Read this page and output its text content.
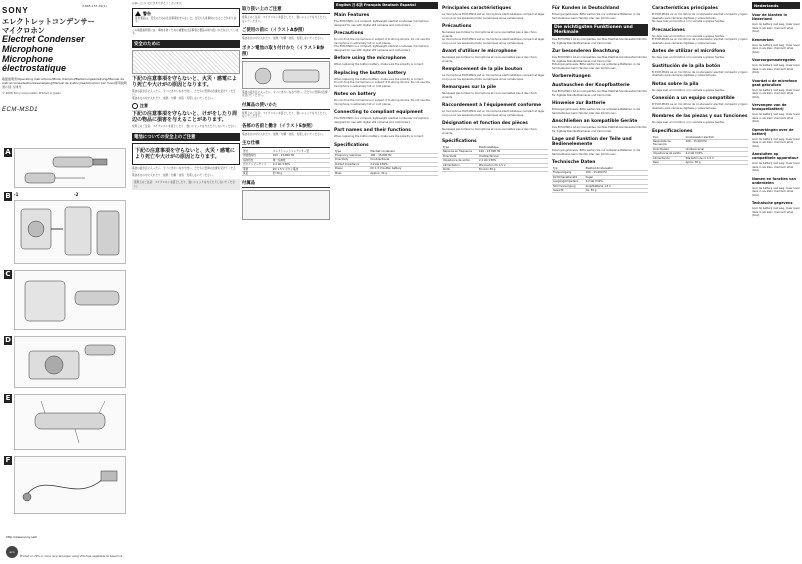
3-865-157-01(1)
SONY
エレクトレットコンデンサー
マイクロホン
Electret Condenser
Microphone
Microphone
électrostatique
取扱説明書/Operating Instructions/Mode d'emploi/Bedienungsanleitung/Manual de instrucciones/Gebruiksaanwijzing/Manual de instruções/Istruzioni per l'uso/使用說明書/사용 설명서
© 2006 Sony Corporation Printed in Japan
ECM-MSD1
A
B -1	-2
C
D
E
F
http://www.sony.net/
eco
Printed on 70% or more recycled paper using VOC-free vegetable oil based ink.
お買い上げいただきありがとうございます。
警告
電気製品は、安全のための注意事項を守らないと、火災や人身事故になることがあります。
この取扱説明書には、事故を防ぐための重要な注意事項と製品の取り扱いかたを示しています。
安全のために
下記の注意事項を守らないと、火災・感電により死亡や大けがの原因となります。
電池の液が目に入ったら、すぐにきれいな水で洗い、ただちに医師の治療を受けてください。
電池を火の中に入れたり、加熱・分解・改造・充電しないでください。
注意
下記の注意事項を守らないと、けがをしたり周辺の物品に損害を与えることがあります。
使用上のご注意：マイクロホンを落としたり、強いショックを与えたりしないでください。
電池についての安全上のご注意
下記の注意事項を守らないと、火災・感電により死亡や大けがの原因となります。
電池の液が目に入ったら、すぐにきれいな水で洗い、ただちに医師の治療を受けてください。
電池を火の中に入れたり、加熱・分解・改造・充電しないでください。
使用上のご注意：マイクロホンを落としたり、強いショックを与えたりしないでください。
取り扱い上のご注意
使用上のご注意：マイクロホンを落としたり、強いショックを与えたりしないでください。
ご使用の前に（イラストA参照）
電池を火の中に入れたり、加熱・分解・改造・充電しないでください。
ボタン電池の取り付けかた（イラストB参照）
電池の液が目に入ったら、すぐにきれいな水で洗い、ただちに医師の治療を受けてください。
付属品の使いかた
使用上のご注意：マイクロホンを落としたり、強いショックを与えたりしないでください。
各部の名前と働き（イラストE参照）
電池を火の中に入れたり、加熱・分解・改造・充電しないでください。
主な仕様
形式	エレクトレットコンデンサー型
周波数特性	100 – 15,000 Hz
指向特性	単一指向性
出力インピーダンス	2.2 kΩ ±30%
電源	DC 1.5 V ボタン電池
質量	約 30 g
付属品
English 日本語 Français Deutsch Español
Main Features
The ECM-MSD1 is a compact, lightweight electret condenser microphone designed for use with digital still cameras and camcorders.
Precautions
Do not drop the microphone or subject it to strong shocks. Do not use the microphone in extremely hot or cold places.
The ECM-MSD1 is a compact, lightweight electret condenser microphone designed for use with digital still cameras and camcorders.
Before using the microphone
When replacing the button battery, make sure the polarity is correct.
Replacing the button battery
When replacing the button battery, make sure the polarity is correct.
Do not drop the microphone or subject it to strong shocks. Do not use the microphone in extremely hot or cold places.
Notes on battery
Do not drop the microphone or subject it to strong shocks. Do not use the microphone in extremely hot or cold places.
Connecting to compliant equipment
The ECM-MSD1 is a compact, lightweight electret condenser microphone designed for use with digital still cameras and camcorders.
Part names and their functions
When replacing the button battery, make sure the polarity is correct.
Specifications
Type	Electret condenser
Frequency response	100 – 15,000 Hz
Directivity	Uni-directional
Output impedance	2.2 kΩ ±30%
Power	DC 1.5 V button battery
Mass	Approx. 30 g
Principales caractéristiques
Le microphone ECM-MSD1 est un microphone électrostatique compact et léger conçu pour les appareils photo numériques et les caméscopes.
Précautions
Ne laissez pas tomber le microphone et ne le soumettez pas à des chocs violents.
Le microphone ECM-MSD1 est un microphone électrostatique compact et léger conçu pour les appareils photo numériques et les caméscopes.
Avant d'utiliser le microphone
Ne laissez pas tomber le microphone et ne le soumettez pas à des chocs violents.
Remplacement de la pile bouton
Le microphone ECM-MSD1 est un microphone électrostatique compact et léger conçu pour les appareils photo numériques et les caméscopes.
Remarques sur la pile
Ne laissez pas tomber le microphone et ne le soumettez pas à des chocs violents.
Raccordement à l'équipement conforme
Le microphone ECM-MSD1 est un microphone électrostatique compact et léger conçu pour les appareils photo numériques et les caméscopes.
Désignation et fonction des pièces
Ne laissez pas tomber le microphone et ne le soumettez pas à des chocs violents.
Spécifications
Type	Électrostatique
Réponse en fréquence	100 – 15 000 Hz
Directivité	Unidirectionnel
Impédance de sortie	2,2 kΩ ±30%
Alimentation	Pile bouton CC 1,5 V
Poids	Environ 30 g
Für Kunden in Deutschland
Entsorgungshinweis: Bitte werfen Sie nur entladene Batterien in die Sammelboxen beim Handel oder den Kommunen.
Die wichtigsten Funktionen und Merkmale
Das ECM-MSD1 ist ein kompaktes, leichtes Elektret-Kondensatormikrofon für digitale Standbildkameras und Camcorder.
Zur besonderen Beachtung
Das ECM-MSD1 ist ein kompaktes, leichtes Elektret-Kondensatormikrofon für digitale Standbildkameras und Camcorder.
Entsorgungshinweis: Bitte werfen Sie nur entladene Batterien in die Sammelboxen beim Handel oder den Kommunen.
Vorbereitungen
Austauschen der Knopfbatterie
Das ECM-MSD1 ist ein kompaktes, leichtes Elektret-Kondensatormikrofon für digitale Standbildkameras und Camcorder.
Hinweise zur Batterie
Entsorgungshinweis: Bitte werfen Sie nur entladene Batterien in die Sammelboxen beim Handel oder den Kommunen.
Anschließen an kompatible Geräte
Das ECM-MSD1 ist ein kompaktes, leichtes Elektret-Kondensatormikrofon für digitale Standbildkameras und Camcorder.
Lage und Funktion der Teile und Bedienelemente
Entsorgungshinweis: Bitte werfen Sie nur entladene Batterien in die Sammelboxen beim Handel oder den Kommunen.
Technische Daten
Typ	Elektret-Kondensator
Frequenzgang	100 – 15.000 Hz
Richtcharakteristik	Kugel
Ausgangsimpedanz	2,2 kΩ ±30%
Stromversorgung	Knopfbatterie 1,5 V
Gewicht	Ca. 30 g
Características principales
El ECM-MSD1 es un micrófono de condensador electret compacto y ligero diseñado para cámaras digitales y videocámaras.
No deje caer el micrófono ni lo someta a golpes fuertes.
Precauciones
No deje caer el micrófono ni lo someta a golpes fuertes.
El ECM-MSD1 es un micrófono de condensador electret compacto y ligero diseñado para cámaras digitales y videocámaras.
Antes de utilizar el micrófono
No deje caer el micrófono ni lo someta a golpes fuertes.
Sustitución de la pila botón
El ECM-MSD1 es un micrófono de condensador electret compacto y ligero diseñado para cámaras digitales y videocámaras.
Notas sobre la pila
No deje caer el micrófono ni lo someta a golpes fuertes.
Conexión a un equipo compatible
El ECM-MSD1 es un micrófono de condensador electret compacto y ligero diseñado para cámaras digitales y videocámaras.
Nombres de las piezas y sus funciones
No deje caer el micrófono ni lo someta a golpes fuertes.
Especificaciones
Tipo	Condensador electret
Respuesta de frecuencia	100 – 15.000 Hz
Directividad	Unidireccional
Impedancia de salida	2,2 kΩ ±30%
Alimentación	Pila botón de cc 1,5 V
Peso	Aprox. 30 g
Nederlands
Voor de klanten in Nederland
Gooi de batterij niet weg, maar lever deze in als klein chemisch afval (KCA).
Kenmerken
Gooi de batterij niet weg, maar lever deze in als klein chemisch afval (KCA).
Voorzorgsmaatregelen
Gooi de batterij niet weg, maar lever deze in als klein chemisch afval (KCA).
Voordat u de microfoon gaat gebruiken
Gooi de batterij niet weg, maar lever deze in als klein chemisch afval (KCA).
Vervangen van de knoopcelbatterij
Gooi de batterij niet weg, maar lever deze in als klein chemisch afval (KCA).
Opmerkingen over de batterij
Gooi de batterij niet weg, maar lever deze in als klein chemisch afval (KCA).
Aansluiten op compatibele apparatuur
Gooi de batterij niet weg, maar lever deze in als klein chemisch afval (KCA).
Namen en functies van onderdelen
Gooi de batterij niet weg, maar lever deze in als klein chemisch afval (KCA).
Technische gegevens
Gooi de batterij niet weg, maar lever deze in als klein chemisch afval (KCA).
